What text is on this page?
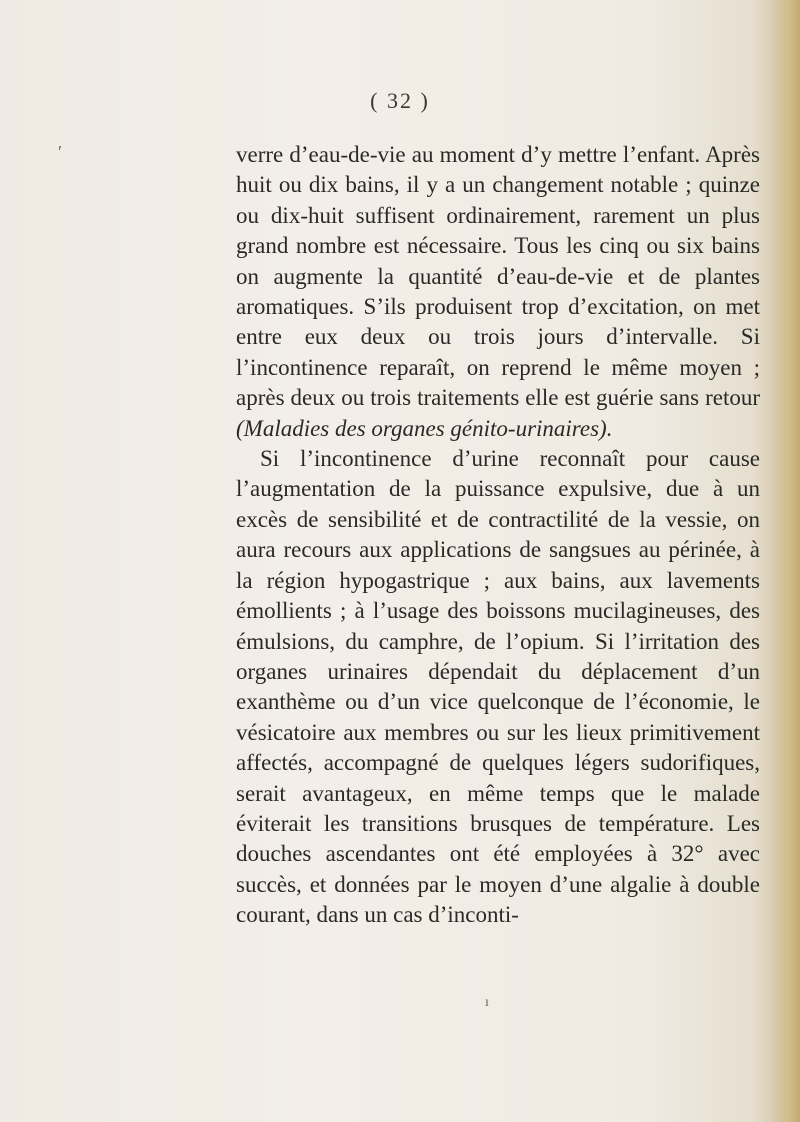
( 32 )

verre d’eau-de-vie au moment d’y mettre l’enfant. Après huit ou dix bains, il y a un changement notable ; quinze ou dix-huit suffisent ordinairement, rarement un plus grand nombre est nécessaire. Tous les cinq ou six bains on augmente la quantité d’eau-de-vie et de plantes aromatiques. S’ils produisent trop d’excitation, on met entre eux deux ou trois jours d’intervalle. Si l’incontinence reparaît, on reprend le même moyen ; après deux ou trois traitements elle est guérie sans retour (Maladies des organes génito-urinaires).

Si l’incontinence d’urine reconnaît pour cause l’augmentation de la puissance expulsive, due à un excès de sensibilité et de contractilité de la vessie, on aura recours aux applications de sangsues au périnée, à la région hypogastrique ; aux bains, aux lavements émollients ; à l’usage des boissons mucilagineuses, des émulsions, du camphre, de l’opium. Si l’irritation des organes urinaires dépendait du déplacement d’un exanthème ou d’un vice quelconque de l’économie, le vésicatoire aux membres ou sur les lieux primitivement affectés, accompagné de quelques légers sudorifiques, serait avantageux, en même temps que le malade éviterait les transitions brusques de température. Les douches ascendantes ont été employées à 32° avec succès, et données par le moyen d’une algalie à double courant, dans un cas d’inconti-

′
ı
